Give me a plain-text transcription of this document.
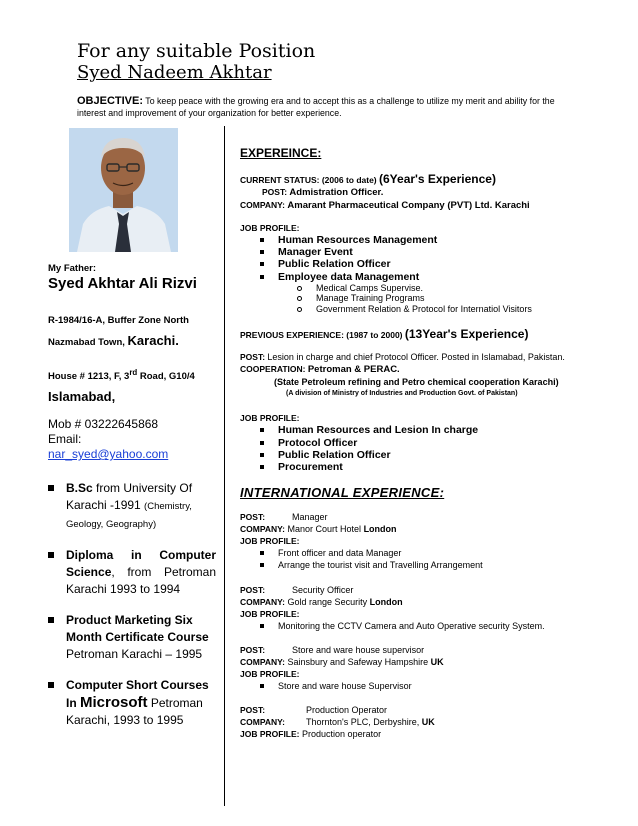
For any suitable Position
Syed Nadeem Akhtar
OBJECTIVE: To keep peace with the growing era and to accept this as a challenge to utilize my merit and ability for the interest and improvement of your organization for better experience.
My Father:
Syed Akhtar Ali Rizvi
R-1984/16-A, Buffer Zone North Nazmabad Town, Karachi.
House # 1213, F, 3rd Road, G10/4
Islamabad,
Mob # 03222645868
Email:
nar_syed@yahoo.com
B.Sc from University Of Karachi -1991 (Chemistry, Geology, Geography)
Diploma in Computer Science, from Petroman Karachi 1993 to 1994
Product Marketing Six Month Certificate Course Petroman Karachi – 1995
Computer Short Courses In Microsoft Petroman Karachi, 1993 to 1995
EXPEREINCE:
CURRENT STATUS: (2006 to date) (6Year's Experience)
POST: Admistration Officer.
COMPANY: Amarant Pharmaceutical Company (PVT) Ltd. Karachi
JOB PROFILE:
Human Resources Management
Manager Event
Public Relation Officer
Employee data Management
Medical Camps Supervise.
Manage Training Programs
Government Relation & Protocol for Internatiol Visitors
PREVIOUS EXPERIENCE: (1987 to 2000) (13Year's Experience)
POST: Lesion in charge and chief Protocol Officer. Posted in Islamabad, Pakistan.
COOPERATION: Petroman & PERAC.
(State Petroleum refining and Petro chemical cooperation Karachi)
(A division of Ministry of Industries and Production Govt. of Pakistan)
JOB PROFILE:
Human Resources and Lesion In charge
Protocol Officer
Public Relation Officer
Procurement
INTERNATIONAL EXPERIENCE:
POST:	Manager
COMPANY: Manor Court Hotel London
JOB PROFILE:
Front officer and data Manager
Arrange the tourist visit and Travelling Arrangement
POST:	Security Officer
COMPANY: Gold range Security London
JOB PROFILE:
Monitoring the CCTV Camera and Auto Operative security System.
POST:	Store and ware house supervisor
COMPANY: Sainsbury and Safeway Hampshire UK
JOB PROFILE:
Store and ware house Supervisor
POST:	Production Operator
COMPANY: Thornton's PLC, Derbyshire, UK
JOB PROFILE: Production operator
